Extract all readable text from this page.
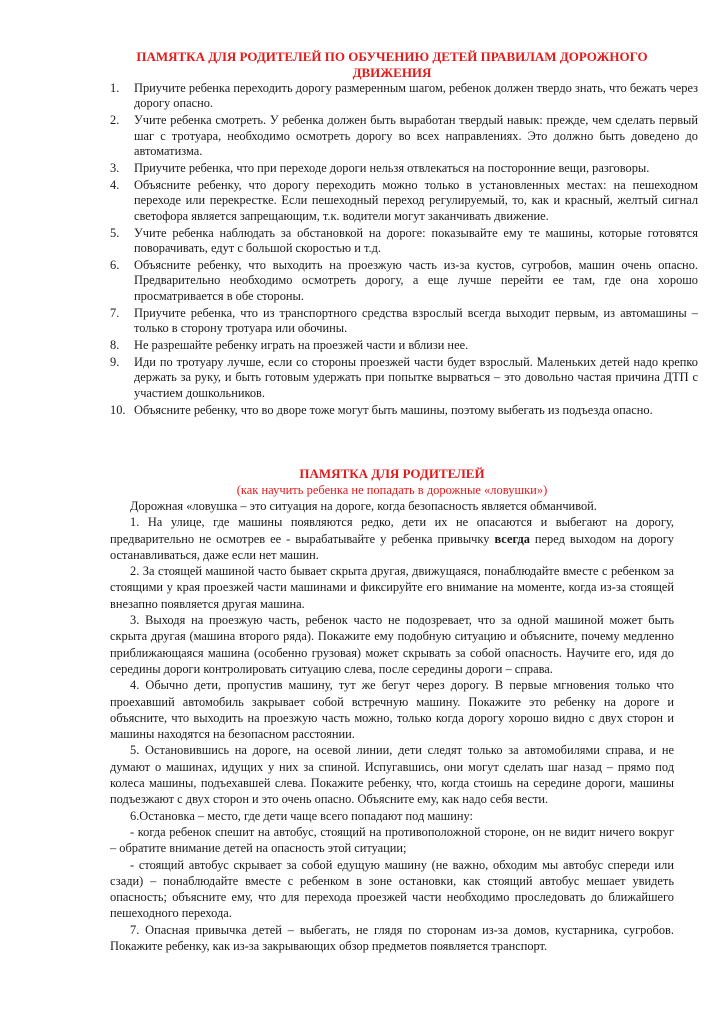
ПАМЯТКА ДЛЯ РОДИТЕЛЕЙ ПО ОБУЧЕНИЮ ДЕТЕЙ ПРАВИЛАМ ДОРОЖНОГО ДВИЖЕНИЯ
1.	Приучите ребенка переходить дорогу размеренным шагом, ребенок должен твердо знать, что бежать через дорогу опасно.
2.	Учите ребенка смотреть. У ребенка должен быть выработан твердый навык: прежде, чем сделать первый шаг с тротуара, необходимо осмотреть дорогу во всех направлениях. Это должно быть доведено до автоматизма.
3.	Приучите ребенка, что при переходе дороги нельзя отвлекаться на посторонние вещи, разговоры.
4.	Объясните ребенку, что дорогу переходить можно только в установленных местах: на пешеходном переходе или перекрестке. Если пешеходный переход регулируемый, то, как и красный, желтый сигнал светофора является запрещающим, т.к. водители могут заканчивать движение.
5.	Учите ребенка наблюдать за обстановкой на дороге: показывайте ему те машины, которые готовятся поворачивать, едут с большой скоростью и т.д.
6.	Объясните ребенку, что выходить на проезжую часть из-за кустов, сугробов, машин очень опасно. Предварительно необходимо осмотреть дорогу, а еще лучше перейти ее там, где она хорошо просматривается в обе стороны.
7.	Приучите ребенка, что из транспортного средства взрослый всегда выходит первым, из автомашины – только в сторону тротуара или обочины.
8.	Не разрешайте ребенку играть на проезжей части и вблизи нее.
9.	Иди по тротуару лучше, если со стороны проезжей части будет взрослый. Маленьких детей надо крепко держать за руку, и быть готовым удержать при попытке вырваться – это довольно частая причина ДТП с участием дошкольников.
10. Объясните ребенку, что во дворе тоже могут быть машины, поэтому выбегать из подъезда опасно.
ПАМЯТКА ДЛЯ РОДИТЕЛЕЙ
(как научить ребенка не попадать в дорожные «ловушки»)

Дорожная «ловушка – это ситуация на дороге, когда безопасность является обманчивой.

1. На улице, где машины появляются редко, дети их не опасаются и выбегают на дорогу, предварительно не осмотрев ее - вырабатывайте у ребенка привычку всегда перед выходом на дорогу останавливаться, даже если нет машин.

2. За стоящей машиной часто бывает скрыта другая, движущаяся, понаблюдайте вместе с ребенком за стоящими у края проезжей части машинами и фиксируйте его внимание на моменте, когда из-за стоящей внезапно появляется другая машина.

3. Выходя на проезжую часть, ребенок часто не подозревает, что за одной машиной может быть скрыта другая (машина второго ряда). Покажите ему подобную ситуацию и объясните, почему медленно приближающаяся машина (особенно грузовая) может скрывать за собой опасность. Научите его, идя до середины дороги контролировать ситуацию слева, после середины дороги – справа.

4. Обычно дети, пропустив машину, тут же бегут через дорогу. В первые мгновения только что проехавший автомобиль закрывает собой встречную машину. Покажите это ребенку на дороге и объясните, что выходить на проезжую часть можно, только когда дорогу хорошо видно с двух сторон и машины находятся на безопасном расстоянии.

5. Остановившись на дороге, на осевой линии, дети следят только за автомобилями справа, и не думают о машинах, идущих у них за спиной. Испугавшись, они могут сделать шаг назад – прямо под колеса машины, подъехавшей слева. Покажите ребенку, что, когда стоишь на середине дороги, машины подъезжают с двух сторон и это очень опасно. Объясните ему, как надо себя вести.

6.Остановка – место, где дети чаще всего попадают под машину:

- когда ребенок спешит на автобус, стоящий на противоположной стороне, он не видит ничего вокруг – обратите внимание детей на опасность этой ситуации;

- стоящий автобус скрывает за собой едущую машину (не важно, обходим мы автобус спереди или сзади) – понаблюдайте вместе с ребенком в зоне остановки, как стоящий автобус мешает увидеть опасность; объясните ему, что для перехода проезжей части необходимо проследовать до ближайшего пешеходного перехода.

7. Опасная привычка детей – выбегать, не глядя по сторонам из-за домов, кустарника, сугробов. Покажите ребенку, как из-за закрывающих обзор предметов появляется транспорт.
